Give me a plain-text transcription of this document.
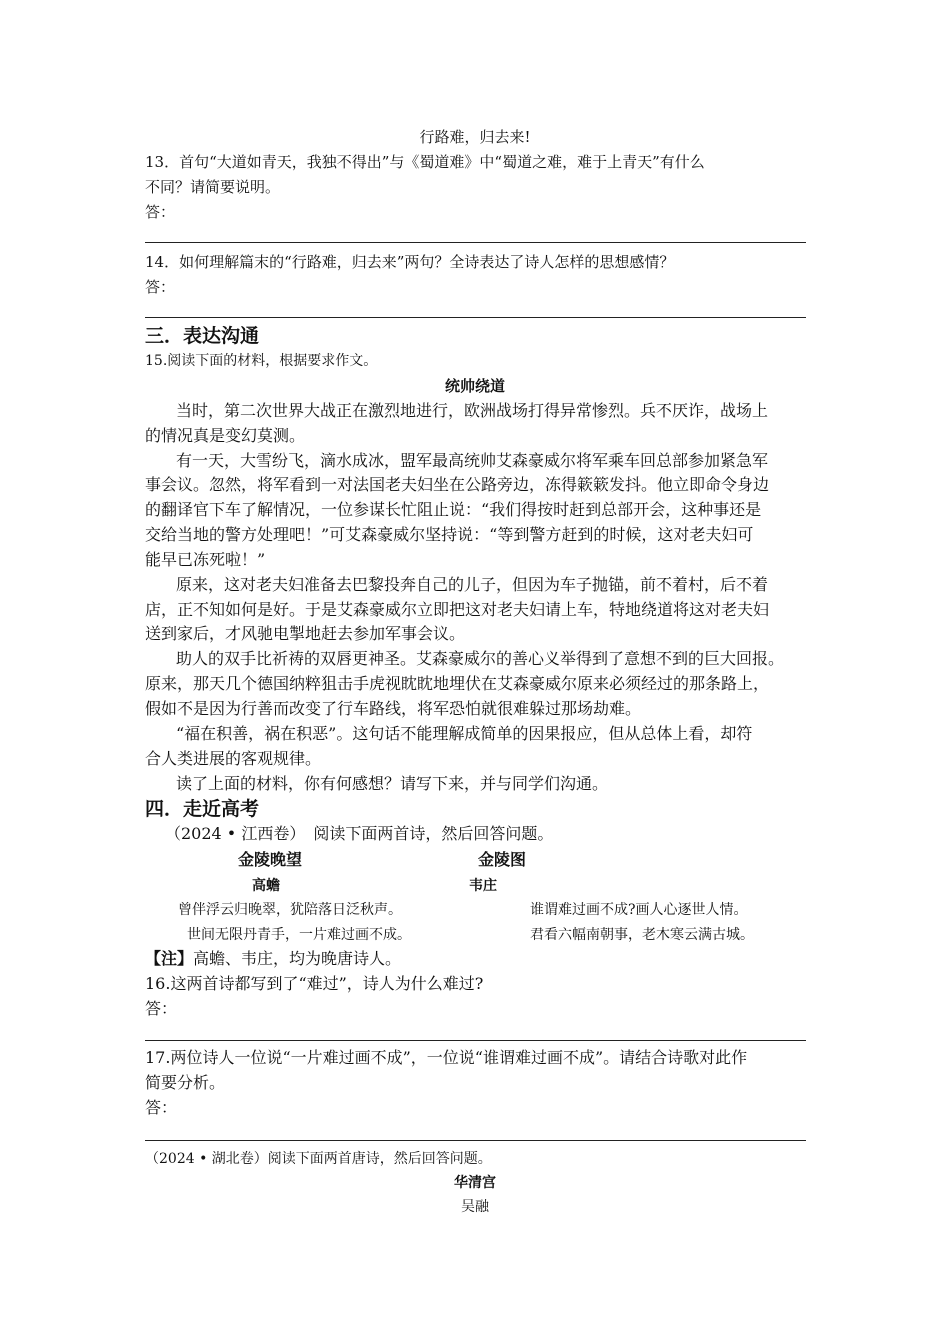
行路难，归去来!
13．首句“大道如青天，我独不得出”与《蜀道难》中“蜀道之难，难于上青天”有什么
不同？请简要说明。
答：
14．如何理解篇末的“行路难，归去来”两句？全诗表达了诗人怎样的思想感情？
答：
三．表达沟通
15.阅读下面的材料，根据要求作文。
统帅绕道
当时，第二次世界大战正在激烈地进行，欧洲战场打得异常惨烈。兵不厌诈，战场上
的情况真是变幻莫测。
有一天，大雪纷飞，滴水成冰，盟军最高统帅艾森豪威尔将军乘车回总部参加紧急军
事会议。忽然，将军看到一对法国老夫妇坐在公路旁边，冻得簌簌发抖。他立即命令身边
的翻译官下车了解情况，一位参谋长忙阻止说：“我们得按时赶到总部开会，这种事还是
交给当地的警方处理吧！”可艾森豪威尔坚持说：“等到警方赶到的时候，这对老夫妇可
能早已冻死啦！”
原来，这对老夫妇准备去巴黎投奔自己的儿子，但因为车子抛锚，前不着村，后不着
店，正不知如何是好。于是艾森豪威尔立即把这对老夫妇请上车，特地绕道将这对老夫妇
送到家后，才风驰电掣地赶去参加军事会议。
助人的双手比祈祷的双唇更神圣。艾森豪威尔的善心义举得到了意想不到的巨大回报。
原来，那天几个德国纳粹狙击手虎视眈眈地埋伏在艾森豪威尔原来必须经过的那条路上，
假如不是因为行善而改变了行车路线，将军恐怕就很难躲过那场劫难。
“福在积善，祸在积恶”。这句话不能理解成简单的因果报应，但从总体上看，却符
合人类进展的客观规律。
读了上面的材料，你有何感想？请写下来，并与同学们沟通。
四．走近高考
（2024 • 江西卷）　阅读下面两首诗，然后回答问题。
金陵晚望	金陵图
高蟾	韦庄
曾伴浮云归晚翠，犹陪落日泛秋声。	谁谓难过画不成?画人心逐世人情。
世间无限丹青手，一片难过画不成。	君看六幅南朝事，老木寒云满古城。
【注】高蟾、韦庄，均为晚唐诗人。
16.这两首诗都写到了“难过”，诗人为什么难过?
答：
17.两位诗人一位说“一片难过画不成”，一位说“谁谓难过画不成”。请结合诗歌对此作
简要分析。
答：
（2024 • 湖北卷）阅读下面两首唐诗，然后回答问题。
华清宫
吴融
